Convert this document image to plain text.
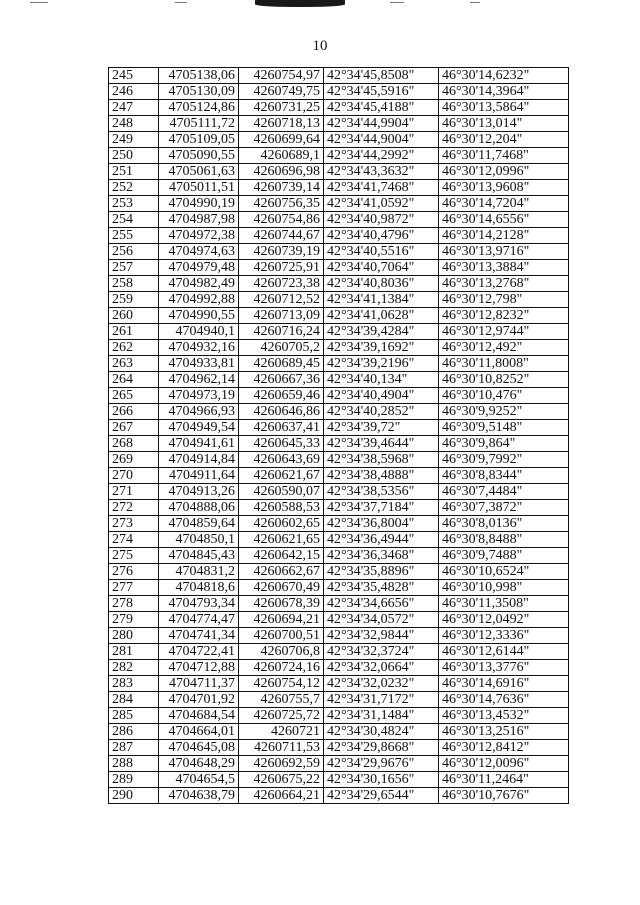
10
245	4705138,06	4260754,97	42°34'45,8508"	46°30'14,6232"
246	4705130,09	4260749,75	42°34'45,5916"	46°30'14,3964"
247	4705124,86	4260731,25	42°34'45,4188"	46°30'13,5864"
248	4705111,72	4260718,13	42°34'44,9904"	46°30'13,014"
249	4705109,05	4260699,64	42°34'44,9004"	46°30'12,204"
250	4705090,55	4260689,1	42°34'44,2992"	46°30'11,7468"
251	4705061,63	4260696,98	42°34'43,3632"	46°30'12,0996"
252	4705011,51	4260739,14	42°34'41,7468"	46°30'13,9608"
253	4704990,19	4260756,35	42°34'41,0592"	46°30'14,7204"
254	4704987,98	4260754,86	42°34'40,9872"	46°30'14,6556"
255	4704972,38	4260744,67	42°34'40,4796"	46°30'14,2128"
256	4704974,63	4260739,19	42°34'40,5516"	46°30'13,9716"
257	4704979,48	4260725,91	42°34'40,7064"	46°30'13,3884"
258	4704982,49	4260723,38	42°34'40,8036"	46°30'13,2768"
259	4704992,88	4260712,52	42°34'41,1384"	46°30'12,798"
260	4704990,55	4260713,09	42°34'41,0628"	46°30'12,8232"
261	4704940,1	4260716,24	42°34'39,4284"	46°30'12,9744"
262	4704932,16	4260705,2	42°34'39,1692"	46°30'12,492"
263	4704933,81	4260689,45	42°34'39,2196"	46°30'11,8008"
264	4704962,14	4260667,36	42°34'40,134"	46°30'10,8252"
265	4704973,19	4260659,46	42°34'40,4904"	46°30'10,476"
266	4704966,93	4260646,86	42°34'40,2852"	46°30'9,9252"
267	4704949,54	4260637,41	42°34'39,72"	46°30'9,5148"
268	4704941,61	4260645,33	42°34'39,4644"	46°30'9,864"
269	4704914,84	4260643,69	42°34'38,5968"	46°30'9,7992"
270	4704911,64	4260621,67	42°34'38,4888"	46°30'8,8344"
271	4704913,26	4260590,07	42°34'38,5356"	46°30'7,4484"
272	4704888,06	4260588,53	42°34'37,7184"	46°30'7,3872"
273	4704859,64	4260602,65	42°34'36,8004"	46°30'8,0136"
274	4704850,1	4260621,65	42°34'36,4944"	46°30'8,8488"
275	4704845,43	4260642,15	42°34'36,3468"	46°30'9,7488"
276	4704831,2	4260662,67	42°34'35,8896"	46°30'10,6524"
277	4704818,6	4260670,49	42°34'35,4828"	46°30'10,998"
278	4704793,34	4260678,39	42°34'34,6656"	46°30'11,3508"
279	4704774,47	4260694,21	42°34'34,0572"	46°30'12,0492"
280	4704741,34	4260700,51	42°34'32,9844"	46°30'12,3336"
281	4704722,41	4260706,8	42°34'32,3724"	46°30'12,6144"
282	4704712,88	4260724,16	42°34'32,0664"	46°30'13,3776"
283	4704711,37	4260754,12	42°34'32,0232"	46°30'14,6916"
284	4704701,92	4260755,7	42°34'31,7172"	46°30'14,7636"
285	4704684,54	4260725,72	42°34'31,1484"	46°30'13,4532"
286	4704664,01	4260721	42°34'30,4824"	46°30'13,2516"
287	4704645,08	4260711,53	42°34'29,8668"	46°30'12,8412"
288	4704648,29	4260692,59	42°34'29,9676"	46°30'12,0096"
289	4704654,5	4260675,22	42°34'30,1656"	46°30'11,2464"
290	4704638,79	4260664,21	42°34'29,6544"	46°30'10,7676"
